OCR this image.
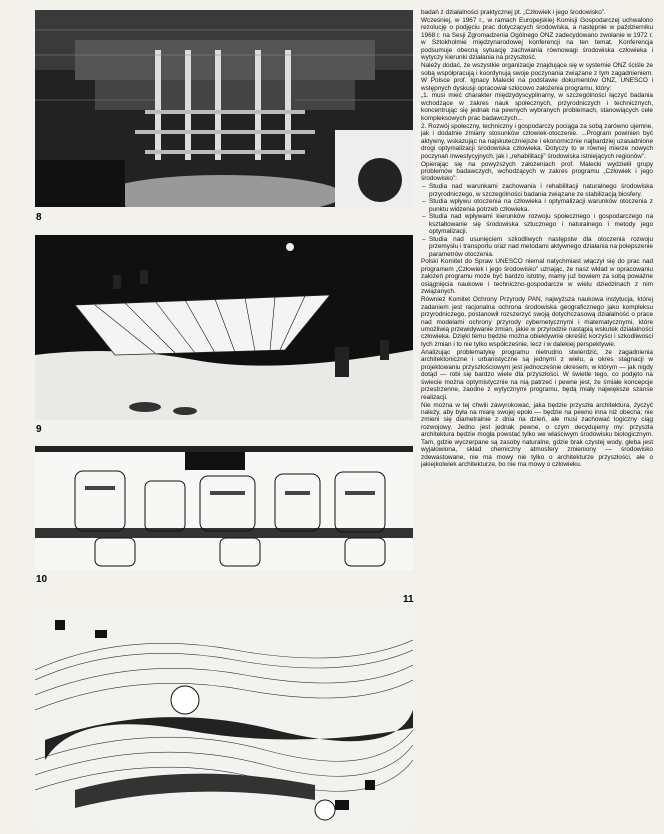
8
9
10
11

badań z działalności praktycznej pt. „Człowiek i jego środowisko”.

Wcześniej, w 1967 r., w ramach Europejskiej Komisji Gospodarczej uchwalono rezolucję o podjęciu prac dotyczących środowiska, a następnie w październiku 1968 r. na Sesji Zgromadzenia Ogólnego ONZ zadecydowano zwołanie w 1972 r. w Sztokholmie międzynarodowej konferencji na ten temat. Konferencja podsumuje obecną sytuację zachwiania równowagi środowiska człowieka i wytyczy kierunki działania na przyszłość.

Należy dodać, że wszystkie organizacje znajdujące się w systemie ONZ ściśle ze sobą współpracują i koordynują swoje poczynania związane z tym zagadnieniem. W Polsce prof. Ignacy Malecki na podstawie dokumentów ONZ, UNESCO i wstępnych dyskusji opracował szkicowo założenia programu, który:

„1. musi mieć charakter międzydyscyplinarny, w szczególności łączyć badania wchodzące w zakres nauk społecznych, przyrodniczych i technicznych, koncentrując się jednak na pewnych wybranych problemach, stanowiących cele kompleksowych prac badawczych...

2. Rozwój społeczny, techniczny i gospodarczy pociąga za sobą zarówno ujemne, jak i dodatnie zmiany stosunków człowiek-otoczenie. ...Program powinien być aktywny, wskazując na najskuteczniejsze i ekonomicznie najbardziej uzasadnione drogi optymalizacji środowiska człowieka. Dotyczy to w równej mierze nowych poczynań inwestycyjnych, jak i „rehabilitacji” środowiska istniejących regionów”.

Opierając się na powyższych założeniach prof. Malecki wydzielił grupy problemów badawczych, wchodzących w zakres programu „Człowiek i jego środowisko”:

– Studia nad warunkami zachowania i rehabilitacji naturalnego środowiska przyrodniczego, w szczególności badania związane ze stabilizacją biosfery.
– Studia wpływu otoczenia na człowieka i optymalizacji warunków otoczenia z punktu widzenia potrzeb człowieka.
– Studia nad wpływami kierunków rozwoju społecznego i gospodarczego na kształtowanie się środowiska sztucznego i naturalnego i metody jego optymalizacji.
– Studia nad usunięciem szkodliwych następstw dla otoczenia rozwoju przemysłu i transportu oraz nad metodami aktywnego działania na polepszenie parametrów otoczenia.

Polski Komitet do Spraw UNESCO niemal natychmiast włączył się do prac nad programem „Człowiek i jego środowisko” uznając, że nasz wkład w opracowaniu założeń programu może być bardzo istotny, mamy już bowiem za sobą poważne osiągnięcia naukowe i techniczno-gospodarcze w wielu dziedzinach z nim związanych.

Również Komitet Ochrony Przyrody PAN, najwyższa naukowa instytucja, której zadaniem jest racjonalna ochrona środowiska geograficznego jako kompleksu przyrodniczego, postanowił rozszerzyć swoją dotychczasową działalność o prace nad modelami ochrony przyrody cybernetycznymi i matematycznymi, które umożliwią przewidywanie zmian, jakie w przyrodzie nastąpią wskutek działalności człowieka. Dzięki temu będzie można obiektywnie określić korzyści i szkodliwości tych zmian i to nie tylko współcześnie, lecz i w dalekiej perspektywie.

Analizując problematykę programu nietrudno stwierdzić, że zagadnienia architektoniczne i urbanistyczne są jednymi z wielu, a okres stagnacji w projektowaniu przyszłościowym jest jednocześnie okresem, w którym — jak nigdy dotąd — robi się bardzo wiele dla przyszłości. W świetle tego, co podjęto na świecie można optymistycznie na nią patrzeć i pewne jest, że śmiałe koncepcje przestrzenne, zaodne z wytycznymi programu, będą miały największe szanse realizacji.

Nie można w tej chwili zawyrokować, jaka będzie przyszła architektura, życzyć należy, aby była na miarę swojej epoki — będzie na pewno inna niż obecna; nie zmieni się diametralnie z dnia na dzień, ale musi zachować logiczny ciąg rozwojowy. Jedno jest jednak pewne, o czym decydujemy my: przyszła architektura będzie mogła powstać tylko we właściwym środowisku biologicznym. Tam, gdzie wyczerpane są zasoby naturalne, gdzie brak czystej wody, gleba jest wyjałowiona, skład chemiczny atmosfery zmieniony — środowisko zdewastowane, nie ma mowy nie tylko o architekturze przyszłości, ale o jakiejkolwiek architekturze, bo nie ma mowy o człowieku.
